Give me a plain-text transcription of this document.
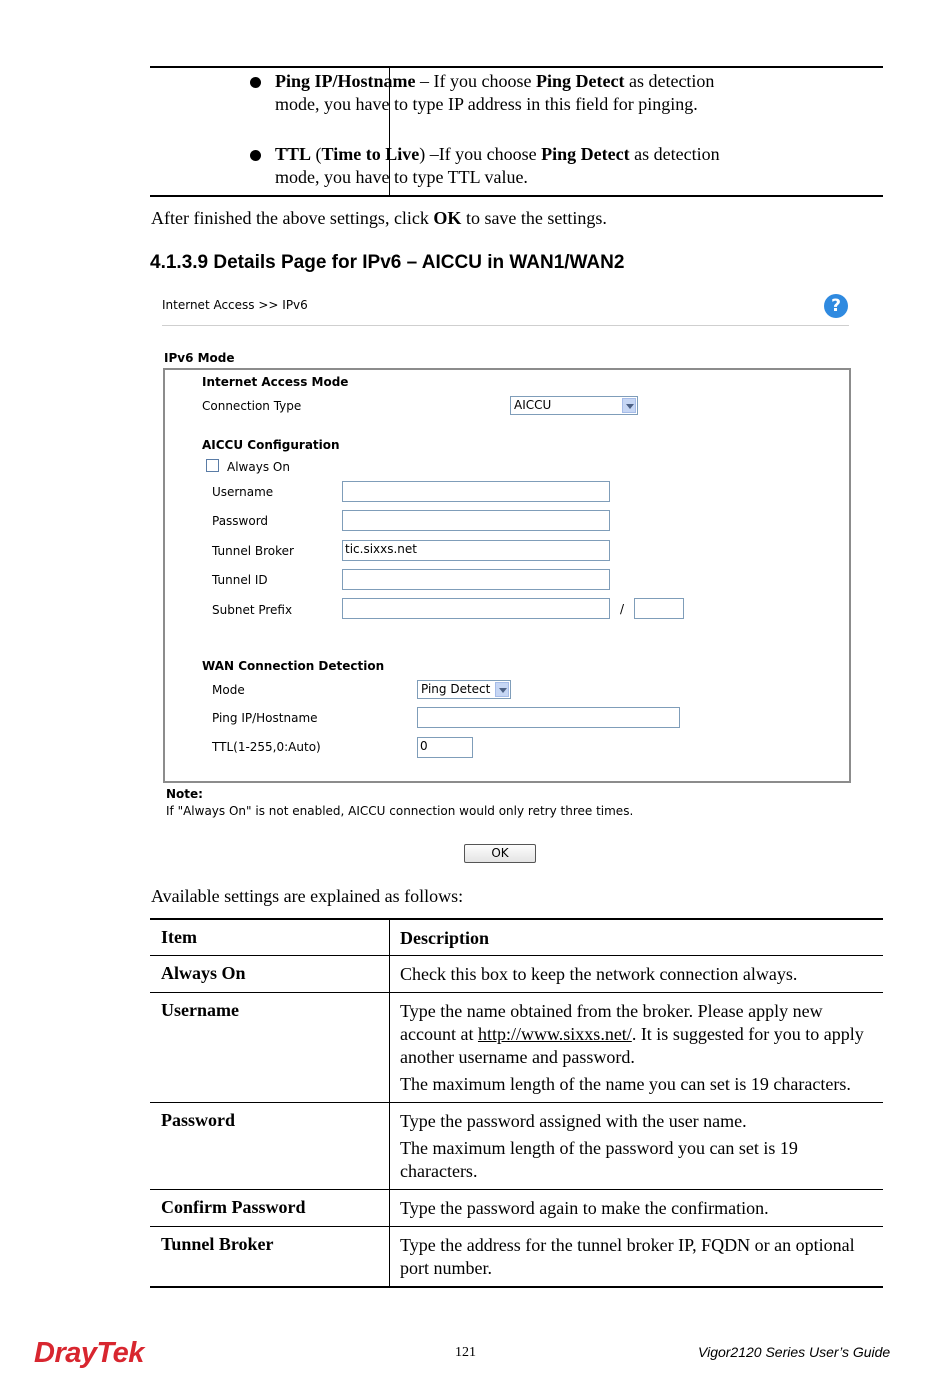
Ping IP/Hostname – If you choose Ping Detect as detection mode, you have to type IP address in this field for pinging.
TTL (Time to Live) –If you choose Ping Detect as detection mode, you have to type TTL value.
After finished the above settings, click OK to save the settings.
4.1.3.9 Details Page for IPv6 – AICCU in WAN1/WAN2
Internet Access >> IPv6	?
IPv6 Mode
Internet Access Mode
Connection Type	AICCU
AICCU Configuration
Always On
Username
Password
Tunnel Broker	tic.sixxs.net
Tunnel ID
Subnet Prefix	/
WAN Connection Detection
Mode	Ping Detect
Ping IP/Hostname
TTL(1-255,0:Auto)	0
Note:
If "Always On" is not enabled, AICCU connection would only retry three times.
OK
Available settings are explained as follows:
Item	Description
Always On	Check this box to keep the network connection always.

Username	Type the name obtained from the broker. Please apply new account at http://www.sixxs.net/. It is suggested for you to apply another username and password.

The maximum length of the name you can set is 19 characters.

Password	Type the password assigned with the user name.

The maximum length of the password you can set is 19 characters.

Confirm Password	Type the password again to make the confirmation.

Tunnel Broker	Type the address for the tunnel broker IP, FQDN or an optional port number.

DrayTek	121	Vigor2120 Series User’s Guide
